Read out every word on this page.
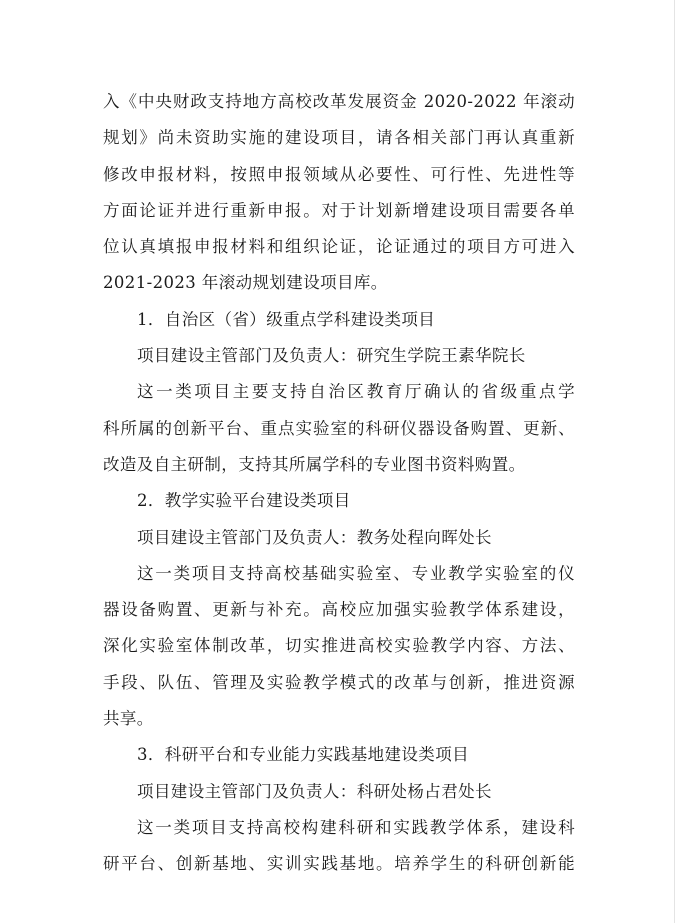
入《中央财政支持地方高校改革发展资金 2020-2022 年滚动
规划》尚未资助实施的建设项目，请各相关部门再认真重新
修改申报材料，按照申报领域从必要性、可行性、先进性等
方面论证并进行重新申报。对于计划新增建设项目需要各单
位认真填报申报材料和组织论证，论证通过的项目方可进入
2021-2023 年滚动规划建设项目库。
1．自治区（省）级重点学科建设类项目
项目建设主管部门及负责人：研究生学院王素华院长
这一类项目主要支持自治区教育厅确认的省级重点学
科所属的创新平台、重点实验室的科研仪器设备购置、更新、
改造及自主研制，支持其所属学科的专业图书资料购置。
2．教学实验平台建设类项目
项目建设主管部门及负责人：教务处程向晖处长
这一类项目支持高校基础实验室、专业教学实验室的仪
器设备购置、更新与补充。高校应加强实验教学体系建设，
深化实验室体制改革，切实推进高校实验教学内容、方法、
手段、队伍、管理及实验教学模式的改革与创新，推进资源
共享。
3．科研平台和专业能力实践基地建设类项目
项目建设主管部门及负责人：科研处杨占君处长
这一类项目支持高校构建科研和实践教学体系，建设科
研平台、创新基地、实训实践基地。培养学生的科研创新能
